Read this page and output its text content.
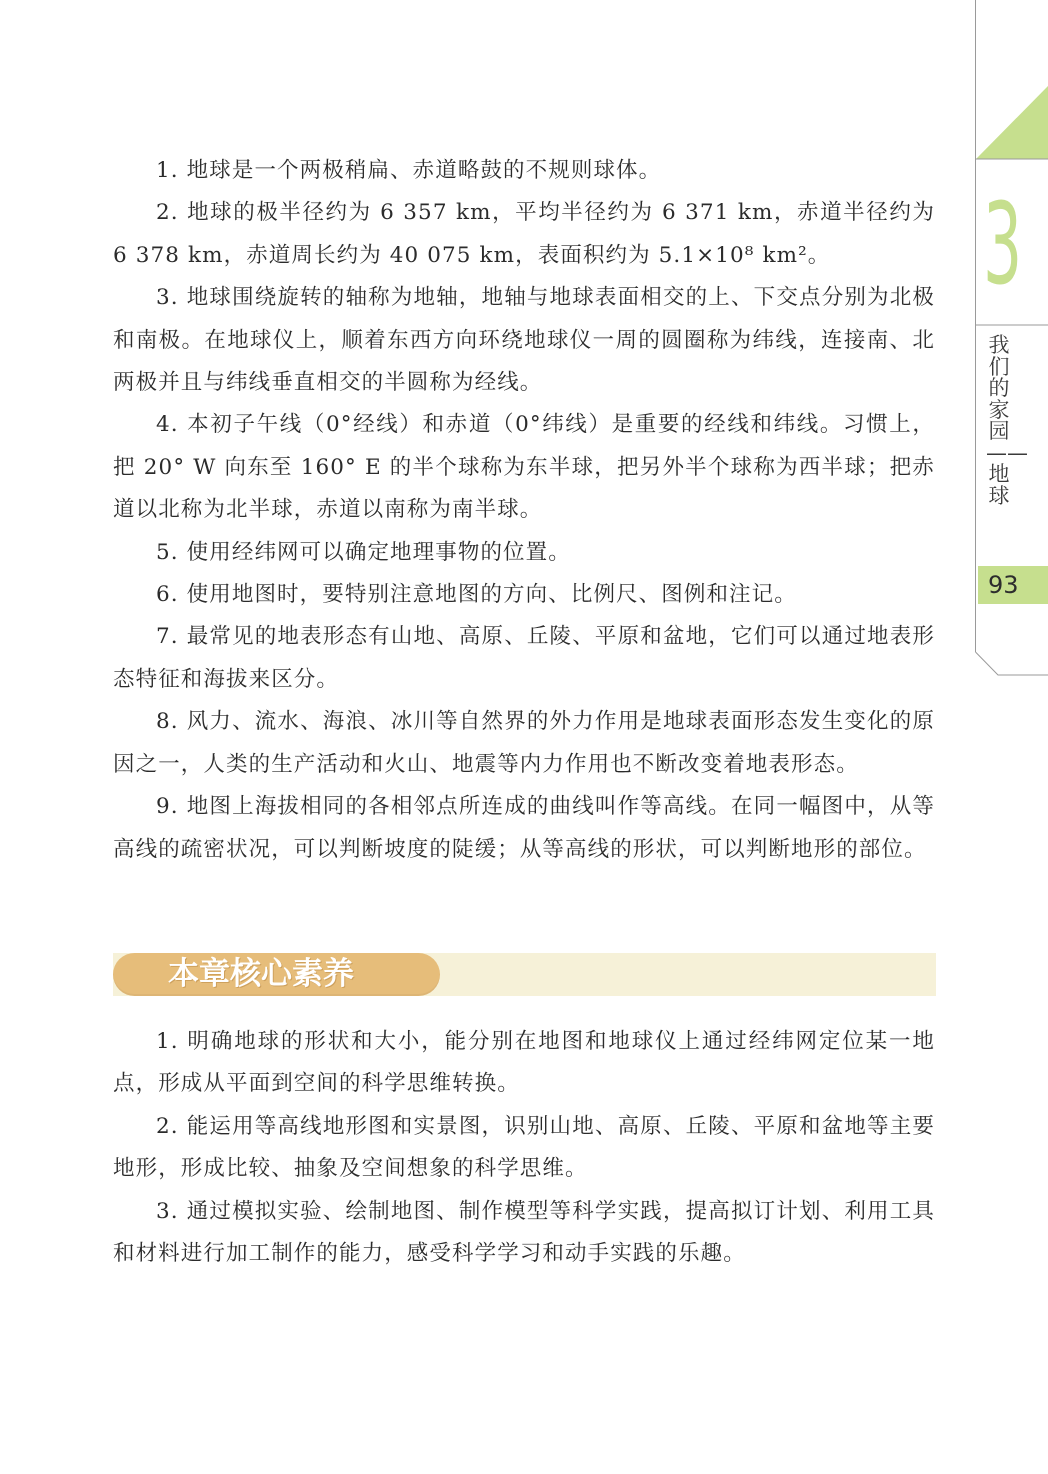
1. 地球是一个两极稍扁、赤道略鼓的不规则球体。

2. 地球的极半径约为 6 357 km，平均半径约为 6 371 km，赤道半径约为 6 378 km，赤道周长约为 40 075 km，表面积约为 5.1×10⁸ km²。

3. 地球围绕旋转的轴称为地轴，地轴与地球表面相交的上、下交点分别为北极和南极。在地球仪上，顺着东西方向环绕地球仪一周的圆圈称为纬线，连接南、北两极并且与纬线垂直相交的半圆称为经线。

4. 本初子午线（0°经线）和赤道（0°纬线）是重要的经线和纬线。习惯上，把 20° W 向东至 160° E 的半个球称为东半球，把另外半个球称为西半球；把赤道以北称为北半球，赤道以南称为南半球。

5. 使用经纬网可以确定地理事物的位置。

6. 使用地图时，要特别注意地图的方向、比例尺、图例和注记。

7. 最常见的地表形态有山地、高原、丘陵、平原和盆地，它们可以通过地表形态特征和海拔来区分。

8. 风力、流水、海浪、冰川等自然界的外力作用是地球表面形态发生变化的原因之一，人类的生产活动和火山、地震等内力作用也不断改变着地表形态。

9. 地图上海拔相同的各相邻点所连成的曲线叫作等高线。在同一幅图中，从等高线的疏密状况，可以判断坡度的陡缓；从等高线的形状，可以判断地形的部位。

本章核心素养

1. 明确地球的形状和大小，能分别在地图和地球仪上通过经纬网定位某一地点，形成从平面到空间的科学思维转换。

2. 能运用等高线地形图和实景图，识别山地、高原、丘陵、平原和盆地等主要地形，形成比较、抽象及空间想象的科学思维。

3. 通过模拟实验、绘制地图、制作模型等科学实践，提高拟订计划、利用工具和材料进行加工制作的能力，感受科学学习和动手实践的乐趣。

3
我们的家园——地球
93
